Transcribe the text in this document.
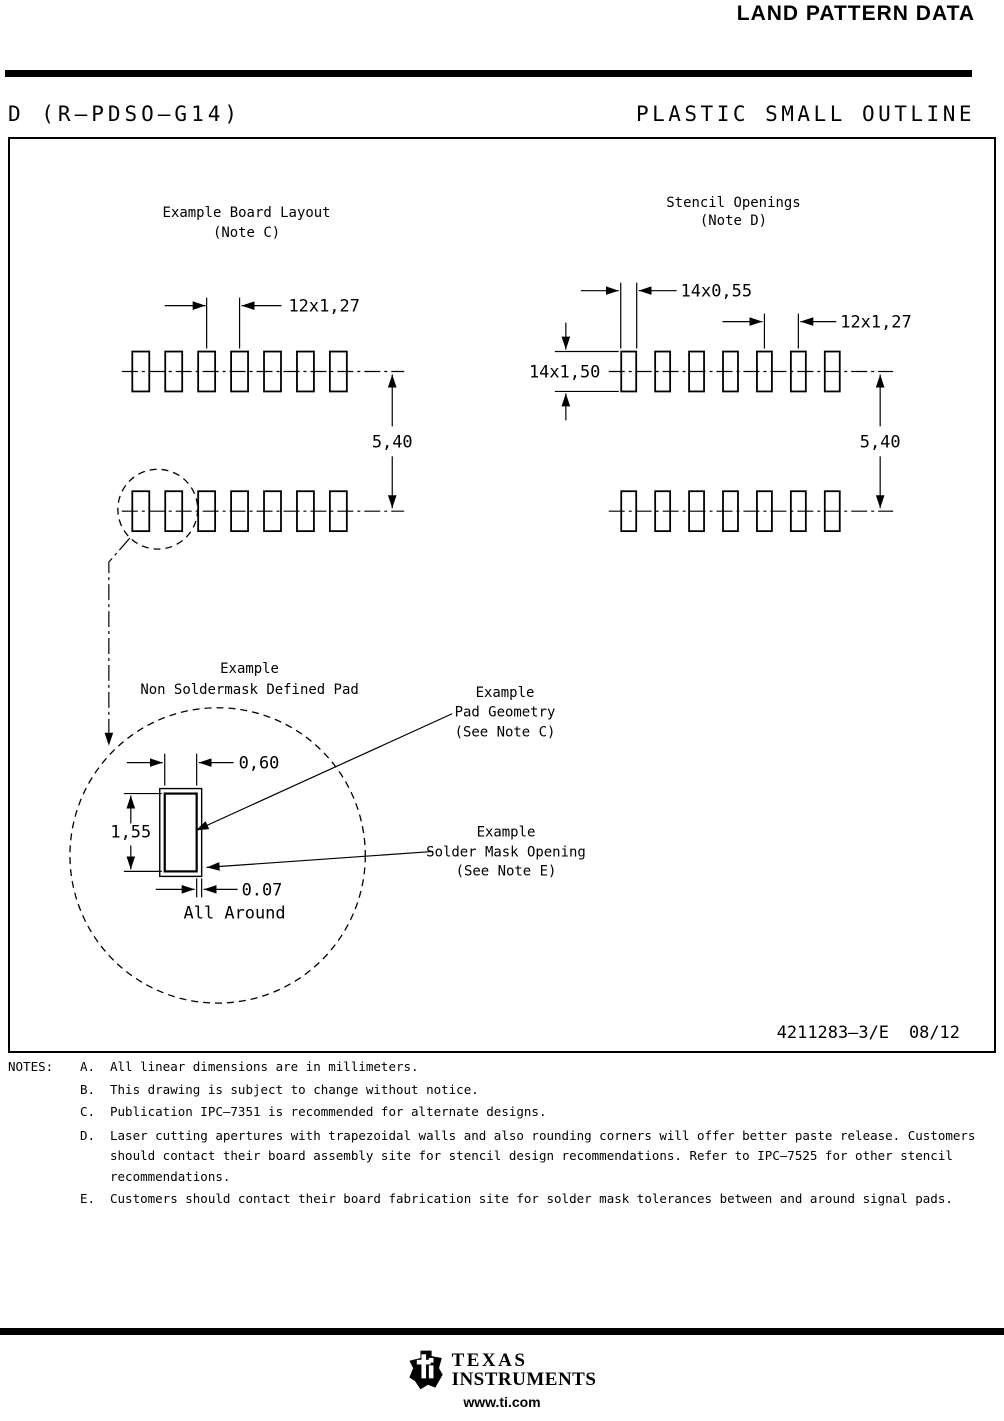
LAND PATTERN DATA
D (R—PDSO—G14)	PLASTIC SMALL OUTLINE
Example Board Layout
(Note C)
12x1,27
5,40
Stencil Openings
(Note D)
14x0,55
12x1,27
14x1,50
5,40
Example
Non Soldermask Defined Pad
0,60
1,55
0.07
All Around
Example
Pad Geometry
(See Note C)
Example
Solder Mask Opening
(See Note E)
4211283—3/E 08/12
NOTES: A.	All linear dimensions are in millimeters.
B.	This drawing is subject to change without notice.
C.	Publication IPC—7351 is recommended for alternate designs.
D.	Laser cutting apertures with trapezoidal walls and also rounding corners will offer better paste release. Customers should contact their board assembly site for stencil design recommendations. Refer to IPC—7525 for other stencil recommendations.
E.	Customers should contact their board fabrication site for solder mask tolerances between and around signal pads.
TEXAS
INSTRUMENTS
www.ti.com
